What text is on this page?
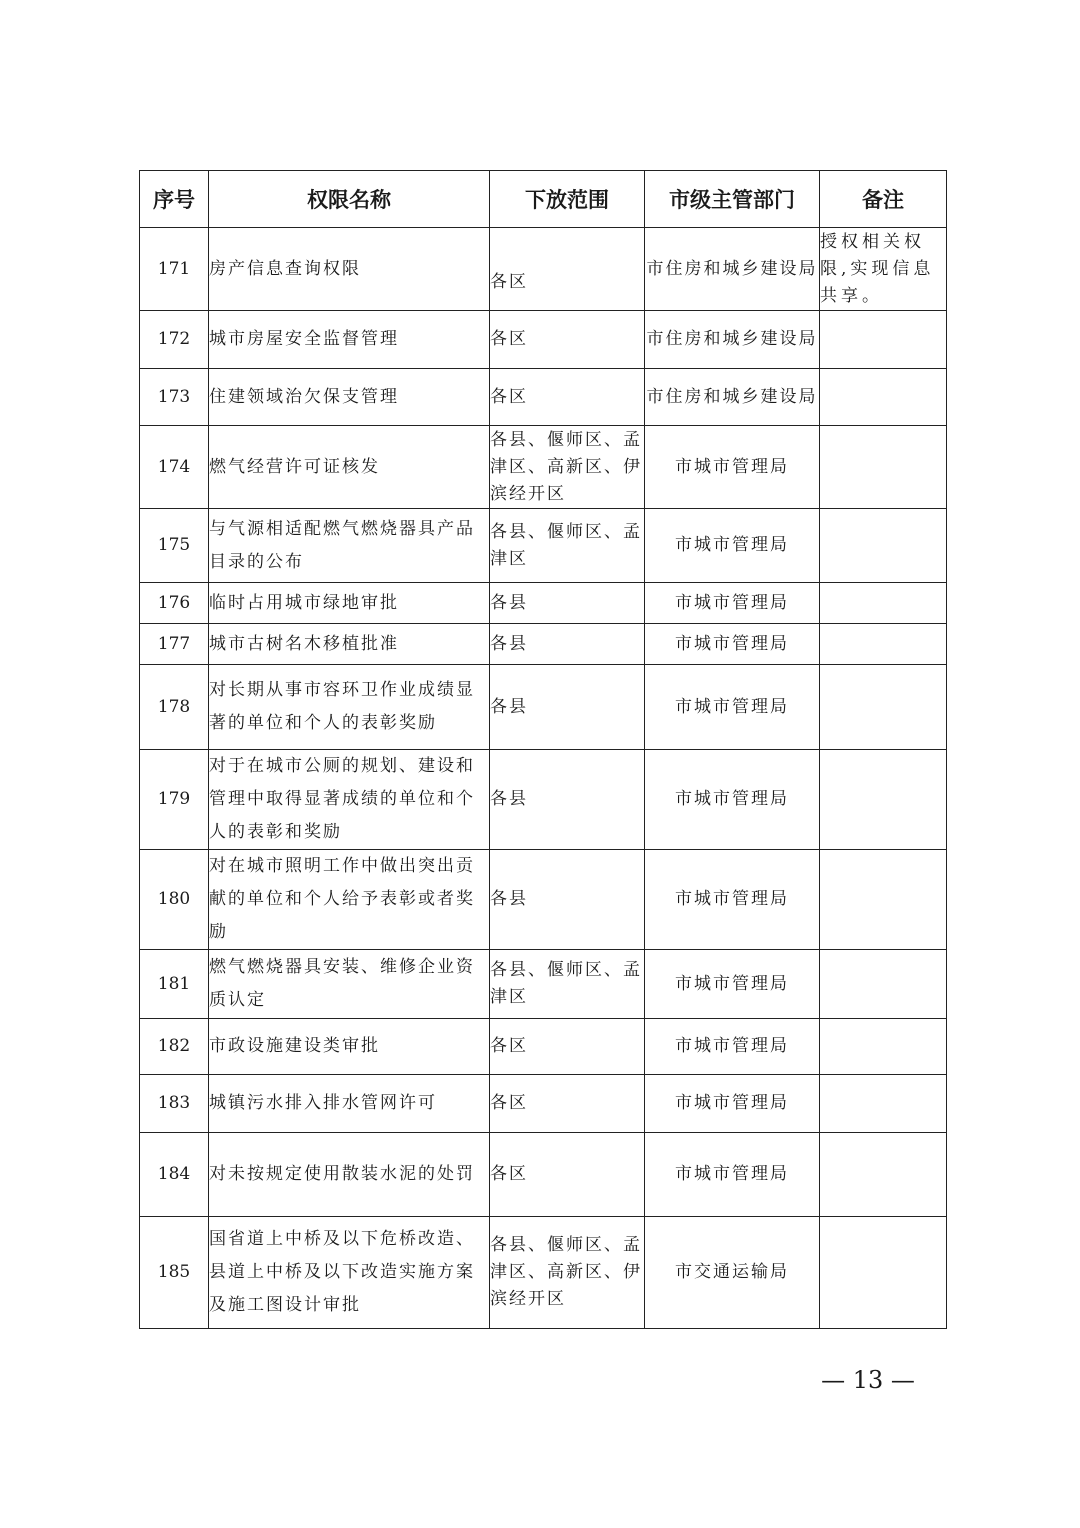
序号	权限名称	下放范围	市级主管部门	备注
171	房产信息查询权限	各区	市住房和城乡建设局	授权相关权限,实现信息共享。
172	城市房屋安全监督管理	各区	市住房和城乡建设局	
173	住建领域治欠保支管理	各区	市住房和城乡建设局	
174	燃气经营许可证核发	各县、偃师区、孟津区、高新区、伊滨经开区	市城市管理局	
175	与气源相适配燃气燃烧器具产品目录的公布	各县、偃师区、孟津区	市城市管理局	
176	临时占用城市绿地审批	各县	市城市管理局	
177	城市古树名木移植批准	各县	市城市管理局	
178	对长期从事市容环卫作业成绩显著的单位和个人的表彰奖励	各县	市城市管理局	
179	对于在城市公厕的规划、建设和管理中取得显著成绩的单位和个人的表彰和奖励	各县	市城市管理局	
180	对在城市照明工作中做出突出贡献的单位和个人给予表彰或者奖励	各县	市城市管理局	
181	燃气燃烧器具安装、维修企业资质认定	各县、偃师区、孟津区	市城市管理局	
182	市政设施建设类审批	各区	市城市管理局	
183	城镇污水排入排水管网许可	各区	市城市管理局	
184	对未按规定使用散装水泥的处罚	各区	市城市管理局	
185	国省道上中桥及以下危桥改造、县道上中桥及以下改造实施方案及施工图设计审批	各县、偃师区、孟津区、高新区、伊滨经开区	市交通运输局	
— 13 —
